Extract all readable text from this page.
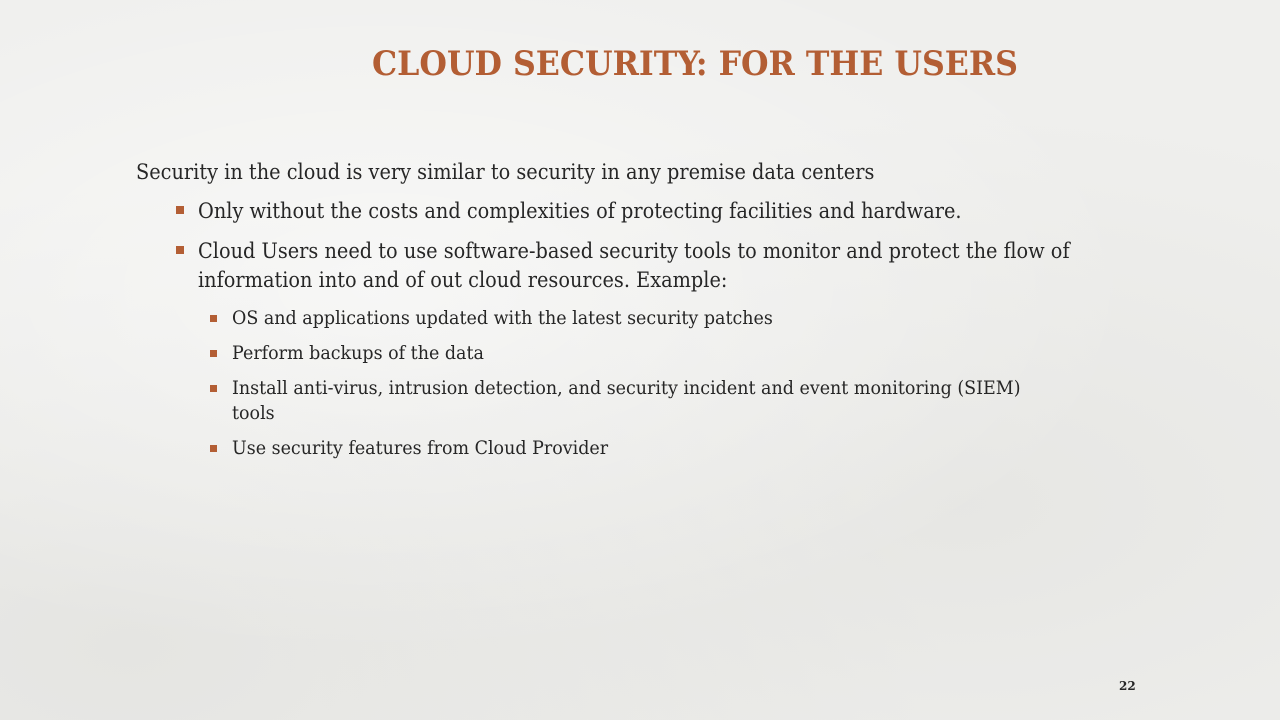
CLOUD SECURITY: FOR THE USERS
Security in the cloud is very similar to security in any premise data centers
Only without the costs and complexities of protecting facilities and hardware.
Cloud Users need to use software-based security tools to monitor and protect the flow of information into and of out cloud resources. Example:
OS and applications updated with the latest security patches
Perform backups of the data
Install anti-virus, intrusion detection, and security incident and event monitoring (SIEM) tools
Use security features from Cloud Provider
22
